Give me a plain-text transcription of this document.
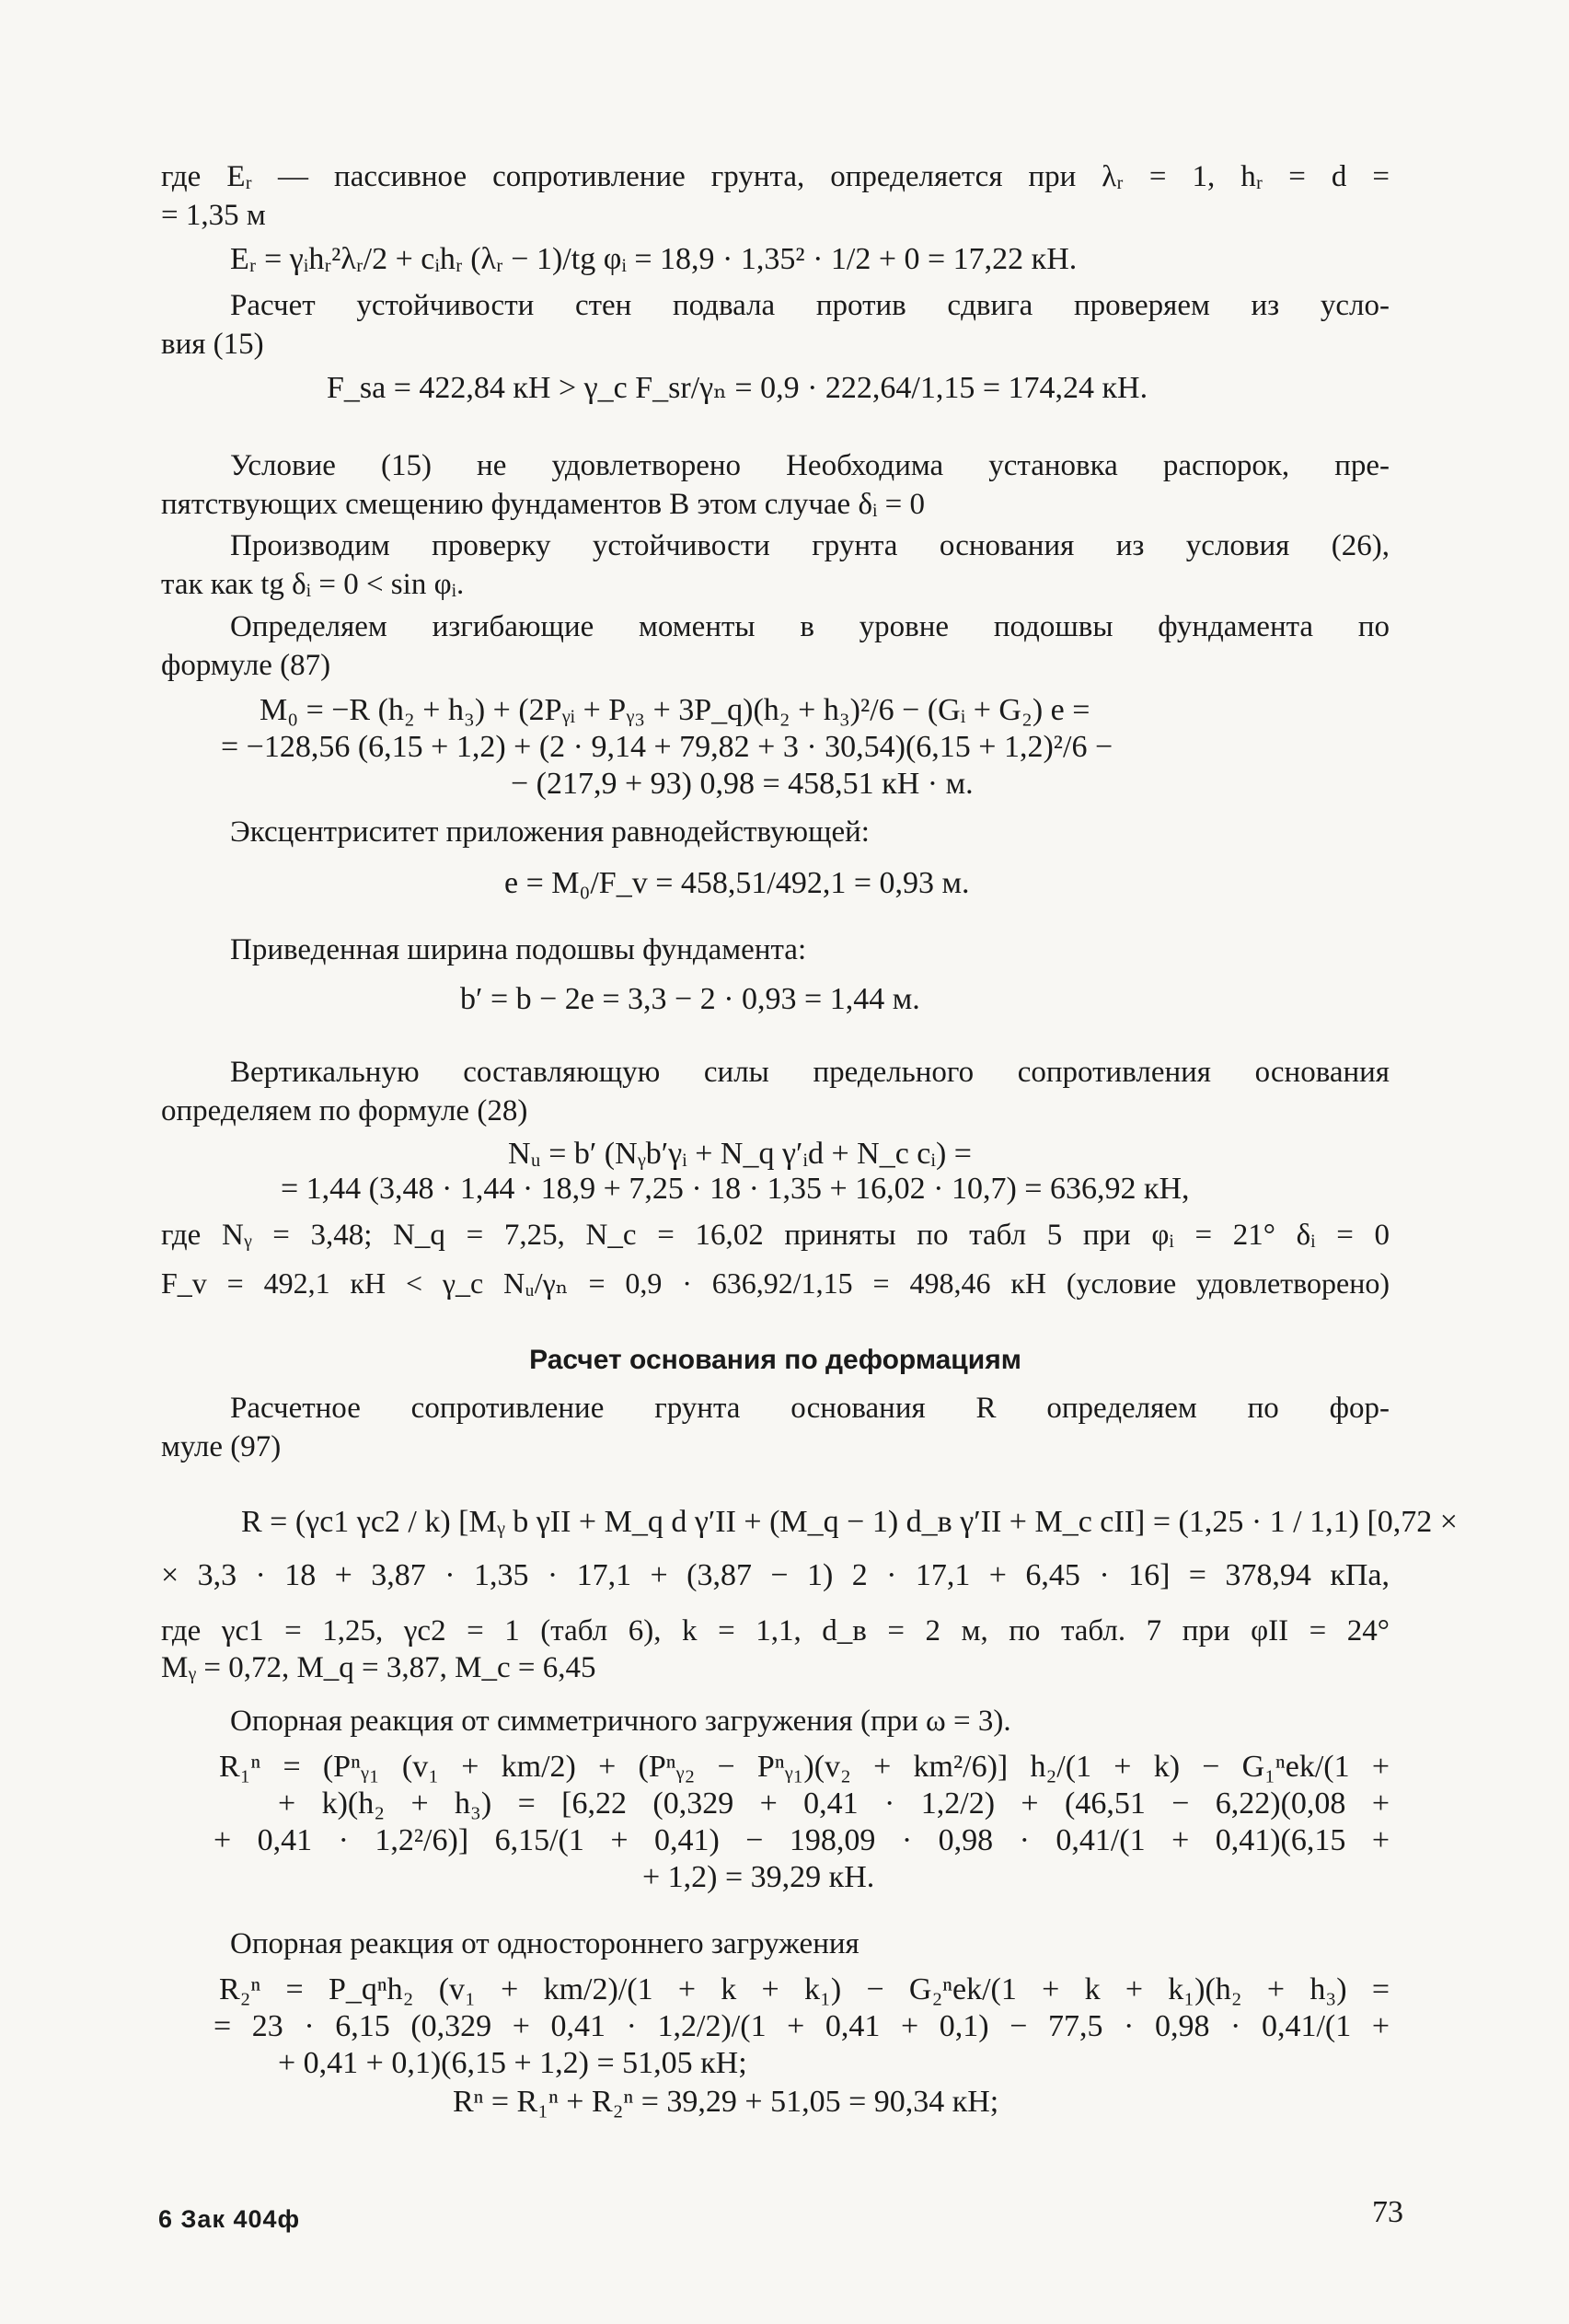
где Eᵣ — пассивное сопротивление грунта, определяется при λᵣ = 1, hᵣ = d =
= 1,35 м
Eᵣ = γᵢhᵣ²λᵣ/2 + cᵢhᵣ (λᵣ − 1)/tg φᵢ = 18,9 · 1,35² · 1/2 + 0 = 17,22 кН.
Расчет устойчивости стен подвала против сдвига проверяем из усло-
вия (15)
F_sa = 422,84 кН > γ_c F_sr/γₙ = 0,9 · 222,64/1,15 = 174,24 кН.
Условие (15) не удовлетворено Необходима установка распорок, пре-
пятствующих смещению фундаментов В этом случае δᵢ = 0
Производим проверку устойчивости грунта основания из условия (26),
так как tg δᵢ = 0 < sin φᵢ.
Определяем изгибающие моменты в уровне подошвы фундамента по
формуле (87)
M₀ = −R (h₂ + h₃) + (2Pᵧᵢ + Pᵧ₃ + 3P_q)(h₂ + h₃)²/6 − (Gᵢ + G₂) e =
= −128,56 (6,15 + 1,2) + (2 · 9,14 + 79,82 + 3 · 30,54)(6,15 + 1,2)²/6 −
− (217,9 + 93) 0,98 = 458,51 кН · м.
Эксцентриситет приложения равнодействующей:
e = M₀/F_v = 458,51/492,1 = 0,93 м.
Приведенная ширина подошвы фундамента:
b′ = b − 2e = 3,3 − 2 · 0,93 = 1,44 м.
Вертикальную составляющую силы предельного сопротивления основания
определяем по формуле (28)
Nᵤ = b′ (Nᵧb′γᵢ + N_q γ′ᵢd + N_c cᵢ) =
= 1,44 (3,48 · 1,44 · 18,9 + 7,25 · 18 · 1,35 + 16,02 · 10,7) = 636,92 кН,
где Nᵧ = 3,48; N_q = 7,25, N_c = 16,02 приняты по табл 5 при φᵢ = 21° δᵢ = 0
F_v = 492,1 кН < γ_c Nᵤ/γₙ = 0,9 · 636,92/1,15 = 498,46 кН (условие удовлетворено)
Расчет основания по деформациям
Расчетное сопротивление грунта основания R определяем по фор-
муле (97)
R = (γc1 γc2 / k) [Mᵧ b γII + M_q d γ′II + (M_q − 1) d_в γ′II + M_c cII] = (1,25 · 1 / 1,1) [0,72 ×
× 3,3 · 18 + 3,87 · 1,35 · 17,1 + (3,87 − 1) 2 · 17,1 + 6,45 · 16] = 378,94 кПа,
где γc1 = 1,25, γc2 = 1 (табл 6), k = 1,1, d_в = 2 м, по табл. 7 при φII = 24°
Mᵧ = 0,72, M_q = 3,87, M_c = 6,45
Опорная реакция от симметричного загружения (при ω = 3).
R₁ⁿ = (Pⁿᵧ₁ (v₁ + km/2) + (Pⁿᵧ₂ − Pⁿᵧ₁)(v₂ + km²/6)] h₂/(1 + k) − G₁ⁿek/(1 +
+ k)(h₂ + h₃) = [6,22 (0,329 + 0,41 · 1,2/2) + (46,51 − 6,22)(0,08 +
+ 0,41 · 1,2²/6)] 6,15/(1 + 0,41) − 198,09 · 0,98 · 0,41/(1 + 0,41)(6,15 +
+ 1,2) = 39,29 кН.
Опорная реакция от одностороннего загружения
R₂ⁿ = P_qⁿh₂ (v₁ + km/2)/(1 + k + k₁) − G₂ⁿek/(1 + k + k₁)(h₂ + h₃) =
= 23 · 6,15 (0,329 + 0,41 · 1,2/2)/(1 + 0,41 + 0,1) − 77,5 · 0,98 · 0,41/(1 +
+ 0,41 + 0,1)(6,15 + 1,2) = 51,05 кН;
Rⁿ = R₁ⁿ + R₂ⁿ = 39,29 + 51,05 = 90,34 кН;
6 Зак 404ф	73
